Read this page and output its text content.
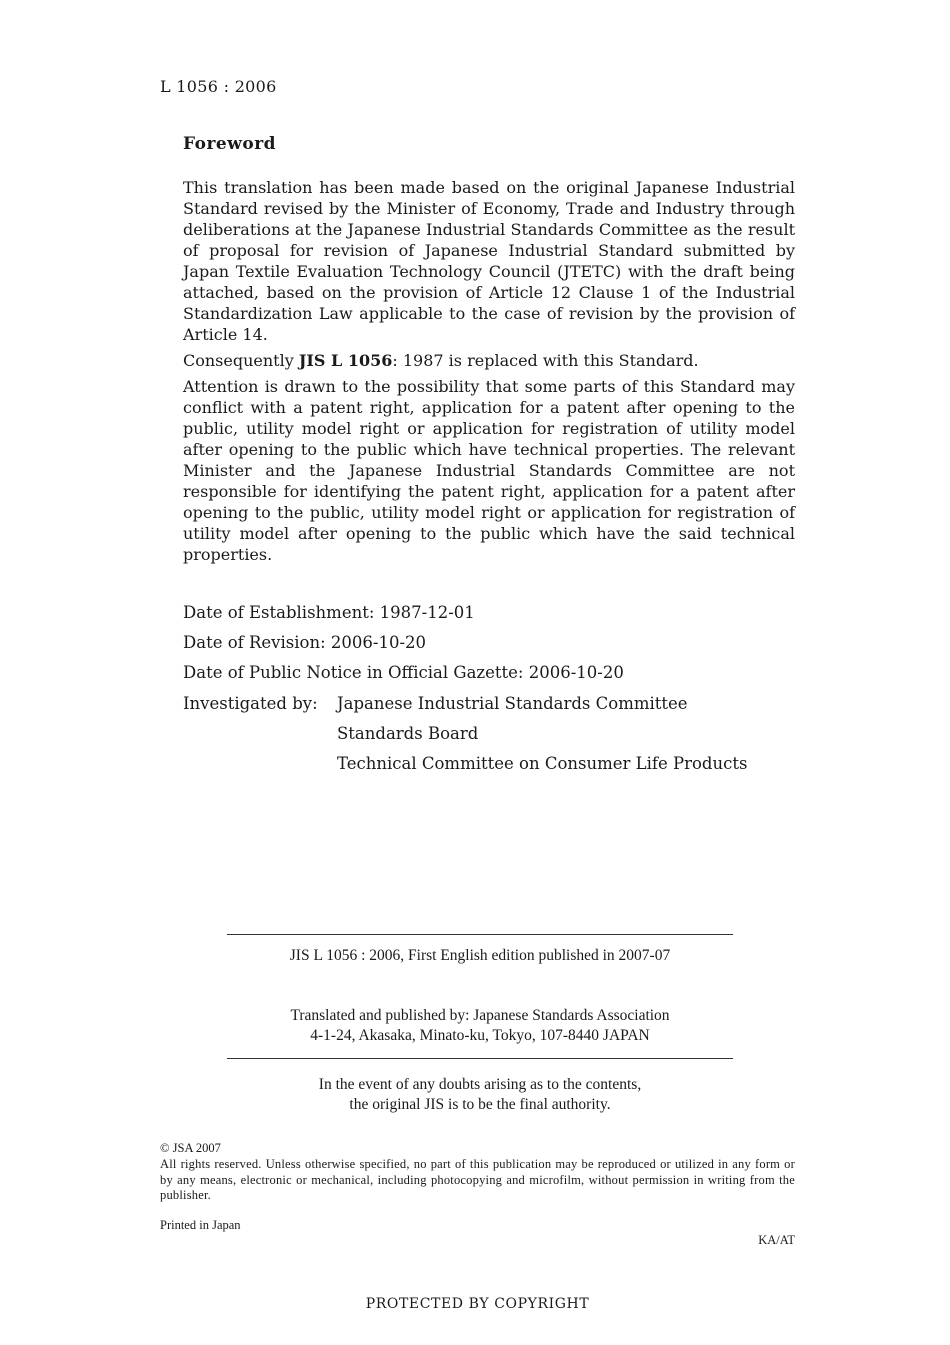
L 1056 : 2006
Foreword

This translation has been made based on the original Japanese Industrial Standard revised by the Minister of Economy, Trade and Industry through deliberations at the Japanese Industrial Standards Committee as the result of proposal for revision of Japanese Industrial Standard submitted by Japan Textile Evaluation Technology Council (JTETC) with the draft being attached, based on the provision of Article 12 Clause 1 of the Industrial Standardization Law applicable to the case of revision by the provision of Article 14.

Consequently JIS L 1056: 1987 is replaced with this Standard.

Attention is drawn to the possibility that some parts of this Standard may conflict with a patent right, application for a patent after opening to the public, utility model right or application for registration of utility model after opening to the public which have technical properties. The relevant Minister and the Japanese Industrial Standards Committee are not responsible for identifying the patent right, application for a patent after opening to the public, utility model right or application for registration of utility model after opening to the public which have the said technical properties.

Date of Establishment: 1987-12-01
Date of Revision: 2006-10-20
Date of Public Notice in Official Gazette: 2006-10-20
Investigated by: Japanese Industrial Standards Committee
Standards Board
Technical Committee on Consumer Life Products
JIS L 1056 : 2006, First English edition published in 2007-07
Translated and published by: Japanese Standards Association
4-1-24, Akasaka, Minato-ku, Tokyo, 107-8440 JAPAN
In the event of any doubts arising as to the contents,
the original JIS is to be the final authority.
© JSA 2007

All rights reserved. Unless otherwise specified, no part of this publication may be reproduced or utilized in any form or by any means, electronic or mechanical, including photocopying and microfilm, without permission in writing from the publisher.

Printed in Japan
KA/AT
PROTECTED BY COPYRIGHT
